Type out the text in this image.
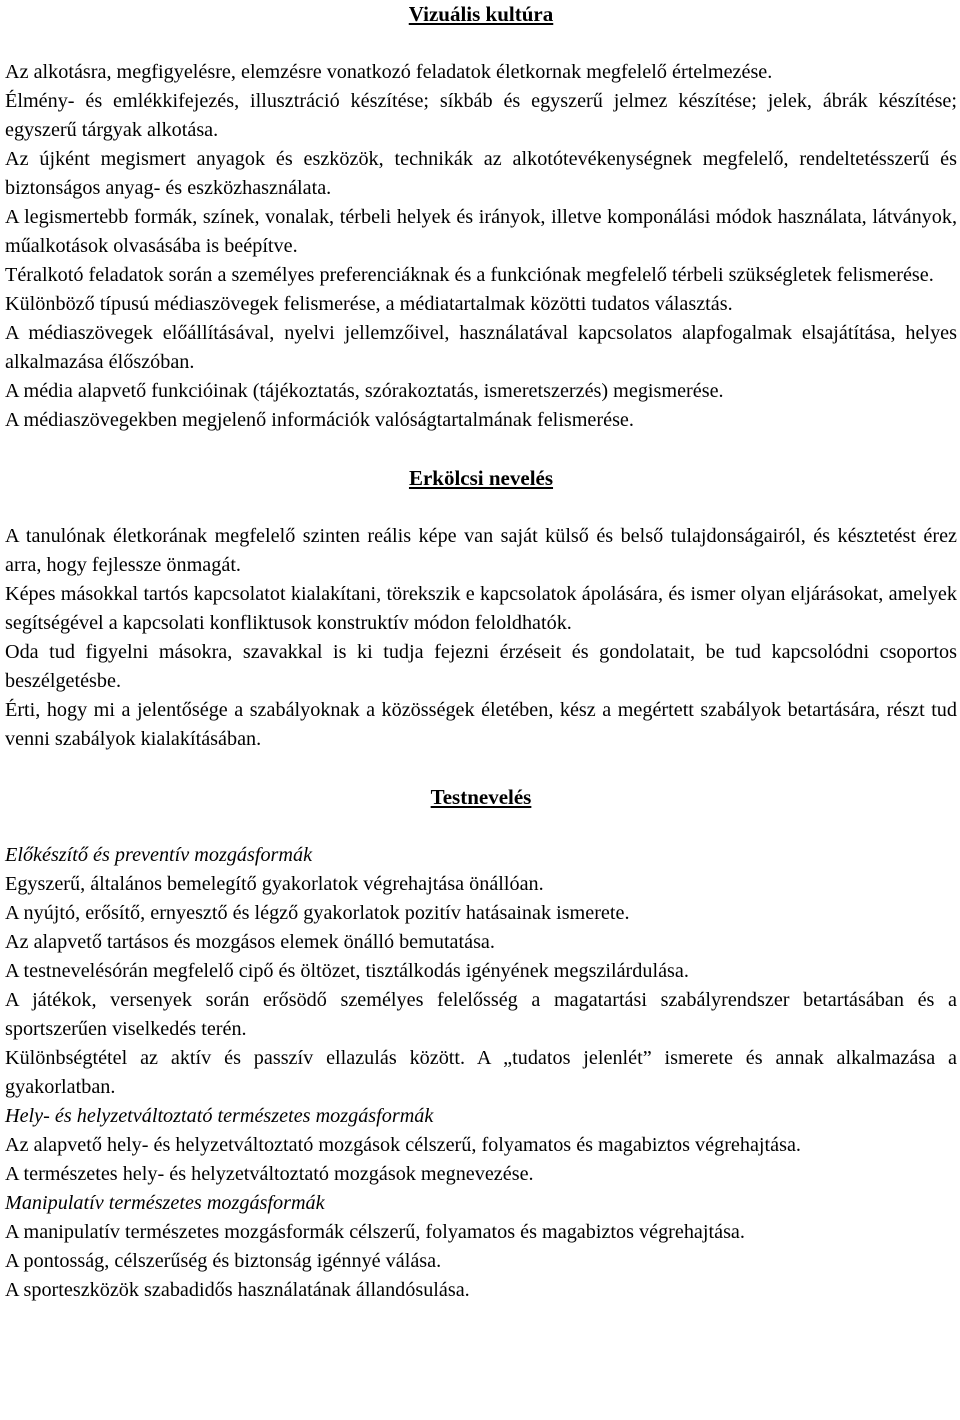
Vizuális kultúra

Az alkotásra, megfigyelésre, elemzésre vonatkozó feladatok életkornak megfelelő értelmezése.

Élmény- és emlékkifejezés, illusztráció készítése; síkbáb és egyszerű jelmez készítése; jelek, ábrák készítése; egyszerű tárgyak alkotása.

Az újként megismert anyagok és eszközök, technikák az alkotótevékenységnek megfelelő, rendeltetésszerű és biztonságos anyag- és eszközhasználata.

A legismertebb formák, színek, vonalak, térbeli helyek és irányok, illetve komponálási módok használata, látványok, műalkotások olvasásába is beépítve.

Téralkotó feladatok során a személyes preferenciáknak és a funkciónak megfelelő térbeli szükségletek felismerése.

Különböző típusú médiaszövegek felismerése, a médiatartalmak közötti tudatos választás.

A médiaszövegek előállításával, nyelvi jellemzőivel, használatával kapcsolatos alapfogalmak elsajátítása, helyes alkalmazása élőszóban.

A média alapvető funkcióinak (tájékoztatás, szórakoztatás, ismeretszerzés) megismerése.

A médiaszövegekben megjelenő információk valóságtartalmának felismerése.

Erkölcsi nevelés

A tanulónak életkorának megfelelő szinten reális képe van saját külső és belső tulajdonságairól, és késztetést érez arra, hogy fejlessze önmagát.

Képes másokkal tartós kapcsolatot kialakítani, törekszik e kapcsolatok ápolására, és ismer olyan eljárásokat, amelyek segítségével a kapcsolati konfliktusok konstruktív módon feloldhatók.

Oda tud figyelni másokra, szavakkal is ki tudja fejezni érzéseit és gondolatait, be tud kapcsolódni csoportos beszélgetésbe.

Érti, hogy mi a jelentősége a szabályoknak a közösségek életében, kész a megértett szabályok betartására, részt tud venni szabályok kialakításában.

Testnevelés

Előkészítő és preventív mozgásformák

Egyszerű, általános bemelegítő gyakorlatok végrehajtása önállóan.

A nyújtó, erősítő, ernyesztő és légző gyakorlatok pozitív hatásainak ismerete.

Az alapvető tartásos és mozgásos elemek önálló bemutatása.

A testnevelésórán megfelelő cipő és öltözet, tisztálkodás igényének megszilárdulása.

A játékok, versenyek során erősödő személyes felelősség a magatartási szabályrendszer betartásában és a sportszerűen viselkedés terén.

Különbségtétel az aktív és passzív ellazulás között. A „tudatos jelenlét” ismerete és annak alkalmazása a gyakorlatban.

Hely- és helyzetváltoztató természetes mozgásformák

Az alapvető hely- és helyzetváltoztató mozgások célszerű, folyamatos és magabiztos végrehajtása.

A természetes hely- és helyzetváltoztató mozgások megnevezése.

Manipulatív természetes mozgásformák

A manipulatív természetes mozgásformák célszerű, folyamatos és magabiztos végrehajtása.

A pontosság, célszerűség és biztonság igénnyé válása.

A sporteszközök szabadidős használatának állandósulása.
